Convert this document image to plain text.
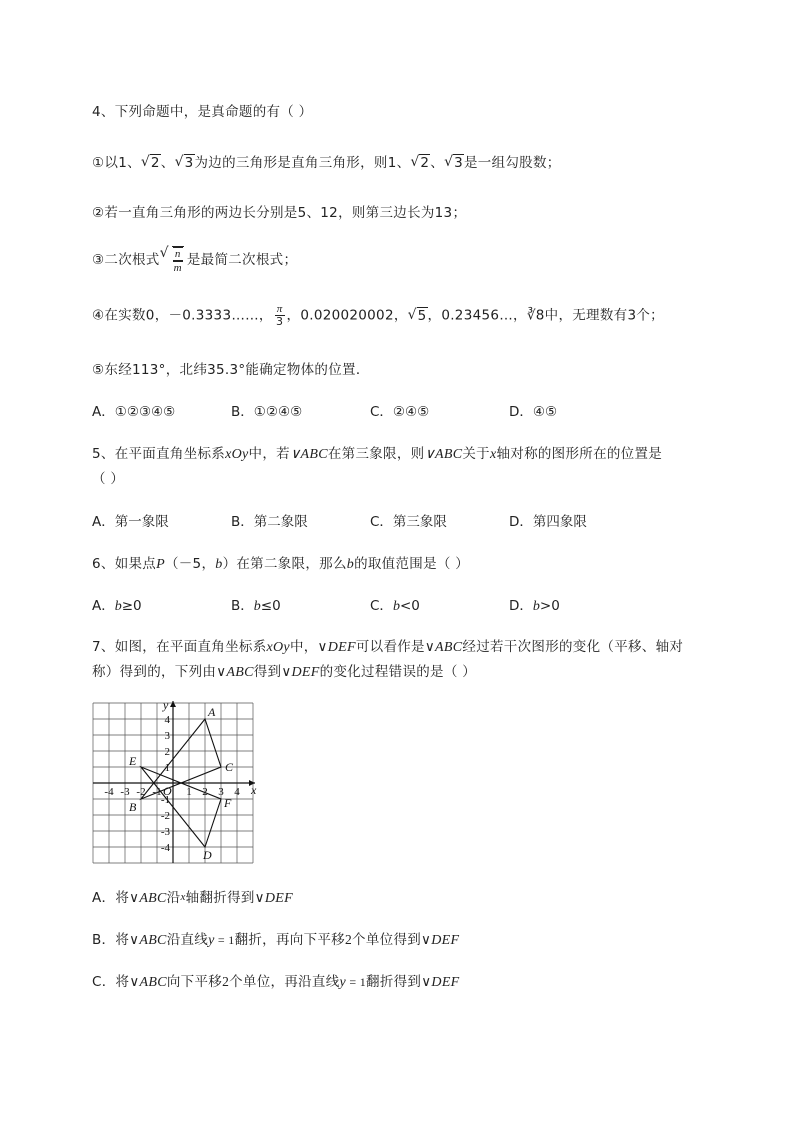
4、下列命题中，是真命题的有（ ）
①以1、 √ 2、 √ 3为边的三角形是直角三角形，则1、 √ 2、 √ 3是一组勾股数；
②若一直角三角形的两边长分别是5、12，则第三边长为13；
③二次根式 √ $\frac{n}{m}$ 是最简二次根式；
④在实数0，－0.3333……， $\frac{\pi}{3}$ ，0.020020002， √ 5，0.23456…，∛8中，无理数有3个；
⑤东经113°，北纬35.3°能确定物体的位置．
A．①②③④⑤	B．①②④⑤	C．②④⑤	D．④⑤
5、在平面直角坐标系xOy中，若∨ABC在第三象限，则∨ABC关于x轴对称的图形所在的位置是
（ ）
A．第一象限	B．第二象限	C．第三象限	D．第四象限
6、如果点P（－5，b）在第二象限，那么b的取值范围是（ ）
A．b≥0	B．b≤0	C．b<0	D．b>0
7、如图，在平面直角坐标系xOy中，∨DEF可以看作是∨ABC经过若干次图形的变化（平移、轴对
称）得到的，下列由∨ABC得到∨DEF的变化过程错误的是（ ）
-4 -3 -2 -1 1 2 3 4
4
3
2
1
-1
-2
-3
-4
x
y
O
A
B
C
D
E
F
A．将∨ABC沿x轴翻折得到∨DEF
B．将∨ABC沿直线y = 1翻折，再向下平移2个单位得到∨DEF
C．将∨ABC向下平移2个单位，再沿直线y = 1翻折得到∨DEF
